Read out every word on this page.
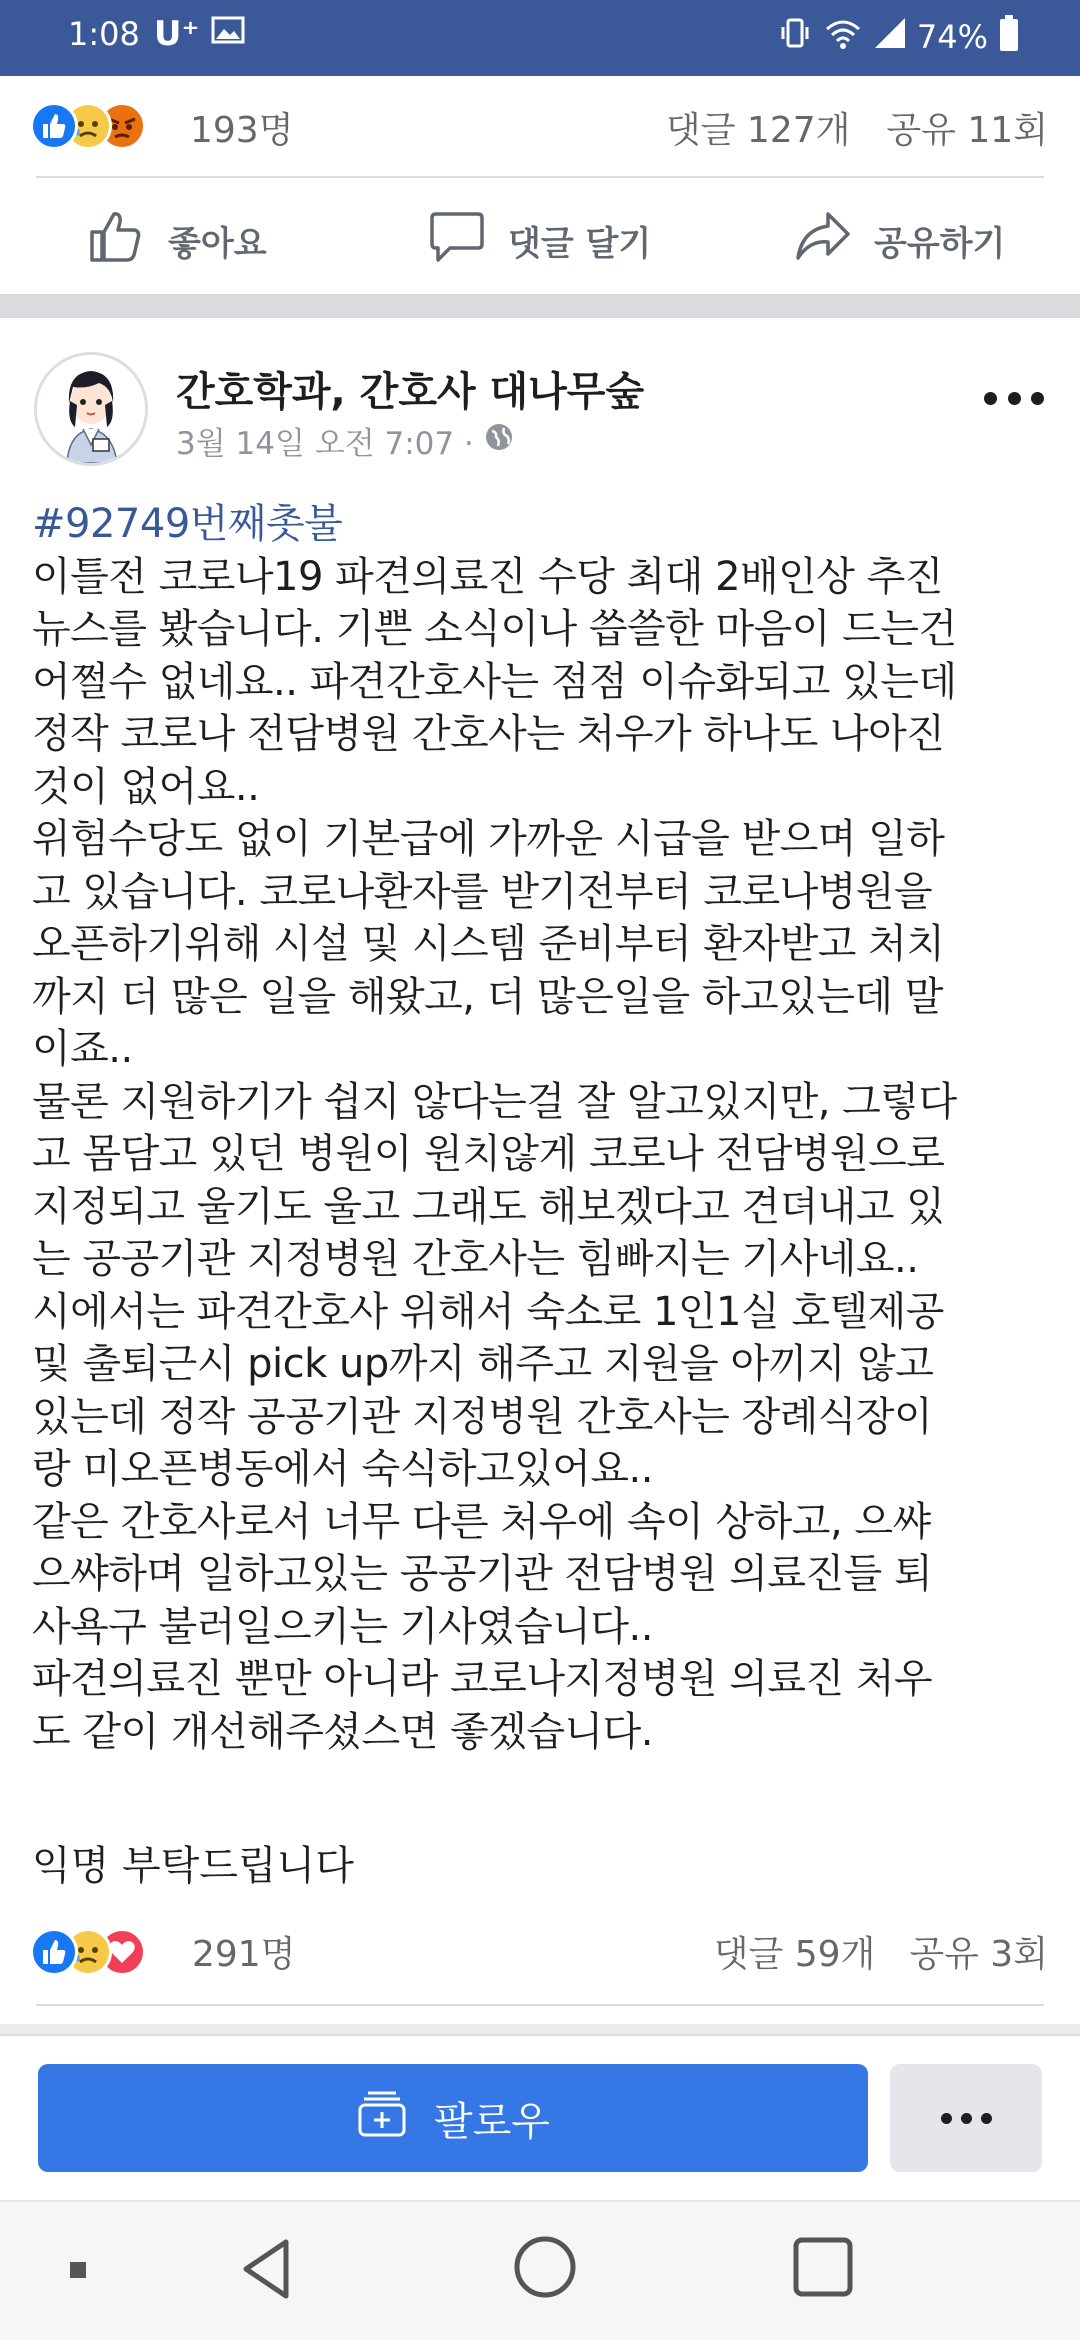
1:08 U⁺	74%
193명	댓글 127개 공유 11회
좋아요	댓글 달기	공유하기
간호학과, 간호사 대나무숲
3월 14일 오전 7:07 ·
#92749번째촛불
이틀전 코로나19 파견의료진 수당 최대 2배인상 추진
뉴스를 봤습니다. 기쁜 소식이나 씁쓸한 마음이 드는건
어쩔수 없네요.. 파견간호사는 점점 이슈화되고 있는데
정작 코로나 전담병원 간호사는 처우가 하나도 나아진
것이 없어요..
위험수당도 없이 기본급에 가까운 시급을 받으며 일하
고 있습니다. 코로나환자를 받기전부터 코로나병원을
오픈하기위해 시설 및 시스템 준비부터 환자받고 처치
까지 더 많은 일을 해왔고, 더 많은일을 하고있는데 말
이죠..
물론 지원하기가 쉽지 않다는걸 잘 알고있지만, 그렇다
고 몸담고 있던 병원이 원치않게 코로나 전담병원으로
지정되고 울기도 울고 그래도 해보겠다고 견뎌내고 있
는 공공기관 지정병원 간호사는 힘빠지는 기사네요..
시에서는 파견간호사 위해서 숙소로 1인1실 호텔제공
및 출퇴근시 pick up까지 해주고 지원을 아끼지 않고
있는데 정작 공공기관 지정병원 간호사는 장례식장이
랑 미오픈병동에서 숙식하고있어요..
같은 간호사로서 너무 다른 처우에 속이 상하고, 으쌰
으쌰하며 일하고있는 공공기관 전담병원 의료진들 퇴
사욕구 불러일으키는 기사였습니다..
파견의료진 뿐만 아니라 코로나지정병원 의료진 처우
도 같이 개선해주셨스면 좋겠습니다.
익명 부탁드립니다
291명	댓글 59개 공유 3회
팔로우
